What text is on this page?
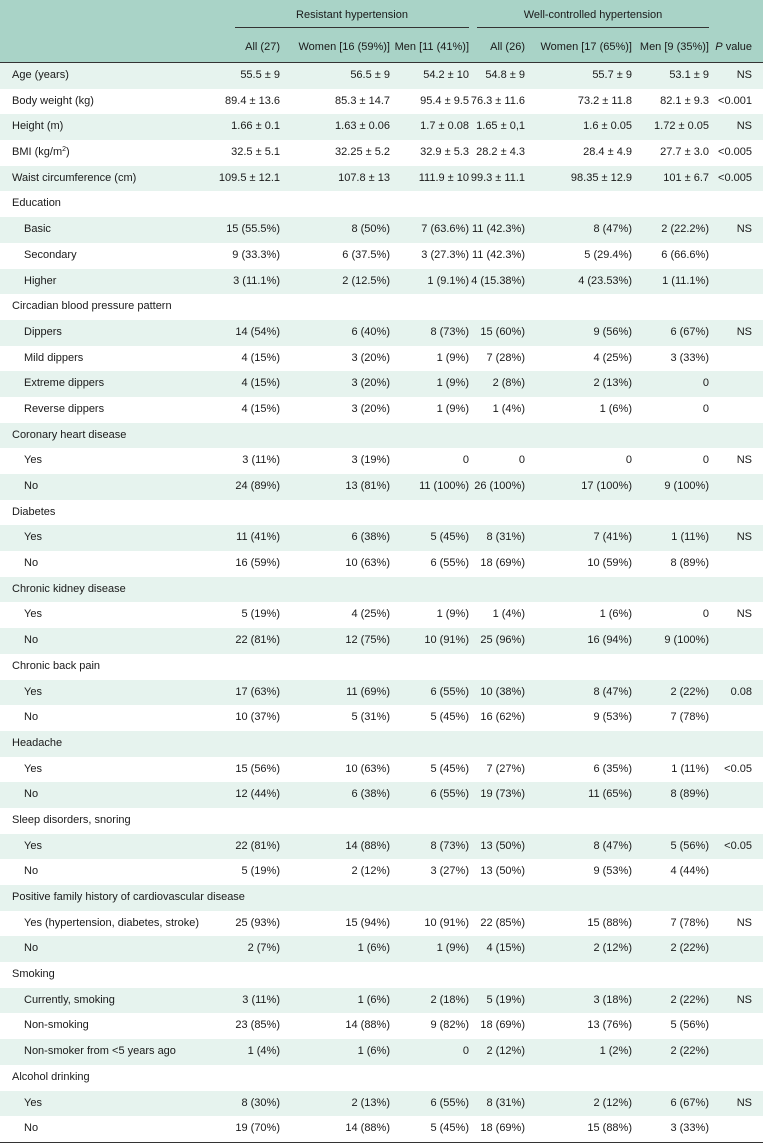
Resistant hypertension	Well-controlled hypertension
All (27) Women [16 (59%)] Men [11 (41%)] All (26) Women [17 (65%)] Men [9 (35%)] P value
Age (years)	55.5 ± 9	56.5 ± 9	54.2 ± 10 54.8 ± 9	55.7 ± 9	53.1 ± 9	NS
Body weight (kg)	89.4 ± 13.6	85.3 ± 14.7	95.4 ± 9.5 76.3 ± 11.6	73.2 ± 11.8	82.1 ± 9.3 <0.001
Height (m)	1.66 ± 0.1	1.63 ± 0.06	1.7 ± 0.08 1.65 ± 0,1	1.6 ± 0.05 1.72 ± 0.05	NS
BMI $(kg/m^2)$	32.5 ± 5.1	32.25 ± 5.2	32.9 ± 5.3 28.2 ± 4.3	28.4 ± 4.9	27.7 ± 3.0 <0.005
Waist circumference (cm)	109.5 ± 12.1	107.8 ± 13	111.9 ± 10 99.3 ± 11.1	98.35 ± 12.9	101 ± 6.7 <0.005
Education
Basic	15 (55.5%)	8 (50%)	7 (63.6%) 11 (42.3%)	8 (47%)	2 (22.2%)	NS
Secondary	9 (33.3%)	6 (37.5%)	3 (27.3%) 11 (42.3%)	5 (29.4%)	6 (66.6%)
Higher	3 (11.1%)	2 (12.5%)	1 (9.1%) 4 (15.38%)	4 (23.53%)	1 (11.1%)
Circadian blood pressure pattern
Dippers	14 (54%)	6 (40%)	8 (73%) 15 (60%)	9 (56%)	6 (67%)	NS
Mild dippers	4 (15%)	3 (20%)	1 (9%) 7 (28%)	4 (25%)	3 (33%)
Extreme dippers	4 (15%)	3 (20%)	1 (9%) 2 (8%)	2 (13%)	0
Reverse dippers	4 (15%)	3 (20%)	1 (9%) 1 (4%)	1 (6%)	0
Coronary heart disease
Yes	3 (11%)	3 (19%)	0	0	0	0	NS
No	24 (89%)	13 (81%)	11 (100%) 26 (100%)	17 (100%)	9 (100%)
Diabetes
Yes	11 (41%)	6 (38%)	5 (45%) 8 (31%)	7 (41%)	1 (11%)	NS
No	16 (59%)	10 (63%)	6 (55%) 18 (69%)	10 (59%)	8 (89%)
Chronic kidney disease
Yes	5 (19%)	4 (25%)	1 (9%) 1 (4%)	1 (6%)	0	NS
No	22 (81%)	12 (75%)	10 (91%) 25 (96%)	16 (94%)	9 (100%)
Chronic back pain
Yes	17 (63%)	11 (69%)	6 (55%) 10 (38%)	8 (47%)	2 (22%) 0.08
No	10 (37%)	5 (31%)	5 (45%) 16 (62%)	9 (53%)	7 (78%)
Headache
Yes	15 (56%)	10 (63%)	5 (45%) 7 (27%)	6 (35%)	1 (11%) <0.05
No	12 (44%)	6 (38%)	6 (55%) 19 (73%)	11 (65%)	8 (89%)
Sleep disorders, snoring
Yes	22 (81%)	14 (88%)	8 (73%) 13 (50%)	8 (47%)	5 (56%) <0.05
No	5 (19%)	2 (12%)	3 (27%) 13 (50%)	9 (53%)	4 (44%)
Positive family history of cardiovascular disease
Yes (hypertension, diabetes, stroke)	25 (93%)	15 (94%)	10 (91%) 22 (85%)	15 (88%)	7 (78%)	NS
No	2 (7%)	1 (6%)	1 (9%) 4 (15%)	2 (12%)	2 (22%)
Smoking
Currently, smoking	3 (11%)	1 (6%)	2 (18%) 5 (19%)	3 (18%)	2 (22%)	NS
Non-smoking	23 (85%)	14 (88%)	9 (82%) 18 (69%)	13 (76%)	5 (56%)
Non-smoker from <5 years ago	1 (4%)	1 (6%)	0 2 (12%)	1 (2%)	2 (22%)
Alcohol drinking
Yes	8 (30%)	2 (13%)	6 (55%) 8 (31%)	2 (12%)	6 (67%)	NS
No	19 (70%)	14 (88%)	5 (45%) 18 (69%)	15 (88%)	3 (33%)
